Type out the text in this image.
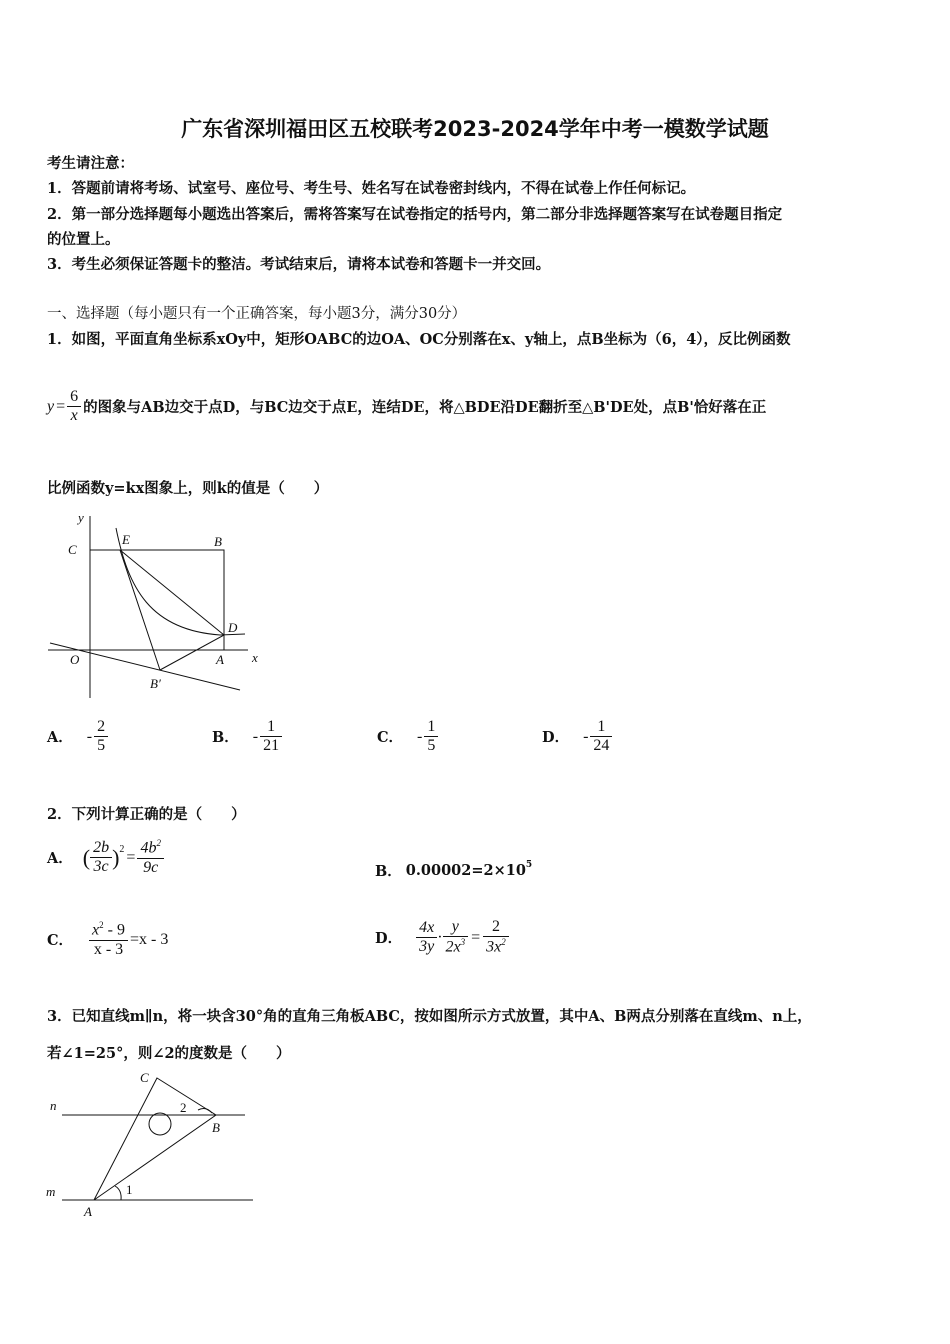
广东省深圳福田区五校联考2023-2024学年中考一模数学试题
考生请注意：
1．答题前请将考场、试室号、座位号、考生号、姓名写在试卷密封线内，不得在试卷上作任何标记。
2．第一部分选择题每小题选出答案后，需将答案写在试卷指定的括号内，第二部分非选择题答案写在试卷题目指定
的位置上。
3．考生必须保证答题卡的整洁。考试结束后，请将本试卷和答题卡一并交回。
一、选择题（每小题只有一个正确答案，每小题3分，满分30分）
1．如图，平面直角坐标系xOy中，矩形OABC的边OA、OC分别落在x、y轴上，点B坐标为（6，4），反比例函数
$y = \frac{6}{x}$ 的图象与AB边交于点D，与BC边交于点E，连结DE，将△BDE沿DE翻折至△B'DE处，点B'恰好落在正
比例函数y=kx图象上，则k的值是（　　）
y
x
C
E	B
D
O	A
B′
A． - $\frac{2}{5}$	B． - $\frac{1}{21}$	C． - $\frac{1}{5}$	D． - $\frac{1}{24}$
2．下列计算正确的是（　　）
A． ( $\frac{2b}{3c} )^2 = \frac{4b^2}{9c}$	B． $0.00002=2\times 10^5$
C． $\frac{x^2 - 9}{x - 3} =x - 3$	D． $\frac{4x}{3y} \cdot \frac{y}{2x^3} = \frac{2}{3x^2}$
3．已知直线m∥n，将一块含30°角的直角三角板ABC，按如图所示方式放置，其中A、B两点分别落在直线m、n上，
若∠1=25°，则∠2的度数是（　　）
C
n	2
B
m	1
A
